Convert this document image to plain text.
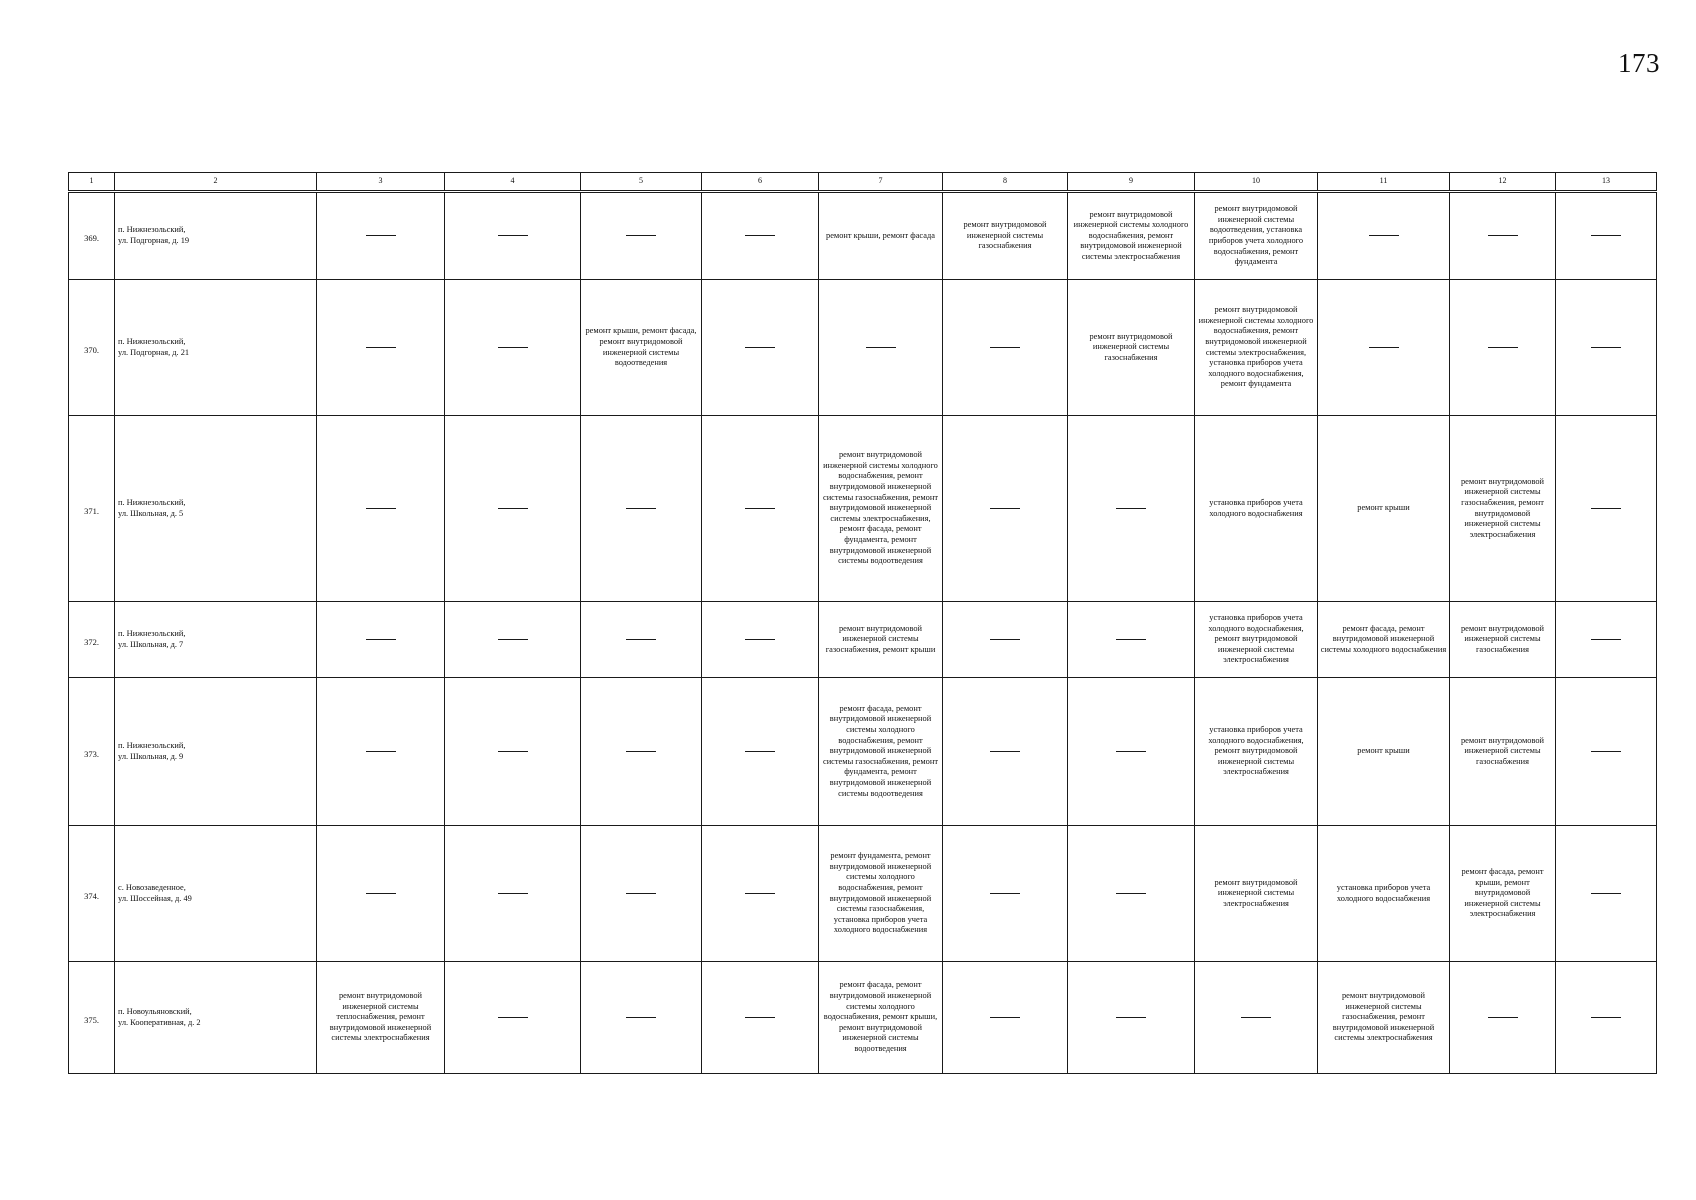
173
1	2	3	4	5	6	7	8	9	10	11	12	13
369.	п. Нижнезольский,
ул. Подгорная, д. 19					ремонт крыши, ремонт фасада	ремонт внутридомовой инженерной системы газоснабжения	ремонт внутридомовой инженерной системы холодного водоснабжения, ремонт внутридомовой инженерной системы электроснабжения	ремонт внутридомовой инженерной системы водоотведения, установка приборов учета холодного водоснабжения, ремонт фундамента			

370.	п. Нижнезольский,
ул. Подгорная, д. 21			ремонт крыши, ремонт фасада, ремонт внутридомовой инженерной системы водоотведения				ремонт внутридомовой инженерной системы газоснабжения	ремонт внутридомовой инженерной системы холодного водоснабжения, ремонт внутридомовой инженерной системы электроснабжения, установка приборов учета холодного водоснабжения, ремонт фундамента			

371.	п. Нижнезольский,
ул. Школьная, д. 5					ремонт внутридомовой инженерной системы холодного водоснабжения, ремонт внутридомовой инженерной системы газоснабжения, ремонт внутридомовой инженерной системы электроснабжения, ремонт фасада, ремонт фундамента, ремонт внутридомовой инженерной системы водоотведения			установка приборов учета холодного водоснабжения	ремонт крыши	ремонт внутридомовой инженерной системы газоснабжения, ремонт внутридомовой инженерной системы электроснабжения	

372.	п. Нижнезольский,
ул. Школьная, д. 7					ремонт внутридомовой инженерной системы газоснабжения, ремонт крыши			установка приборов учета холодного водоснабжения, ремонт внутридомовой инженерной системы электроснабжения	ремонт фасада, ремонт внутридомовой инженерной системы холодного водоснабжения	ремонт внутридомовой инженерной системы газоснабжения	

373.	п. Нижнезольский,
ул. Школьная, д. 9					ремонт фасада, ремонт внутридомовой инженерной системы холодного водоснабжения, ремонт внутридомовой инженерной системы газоснабжения, ремонт фундамента, ремонт внутридомовой инженерной системы водоотведения			установка приборов учета холодного водоснабжения, ремонт внутридомовой инженерной системы электроснабжения	ремонт крыши	ремонт внутридомовой инженерной системы газоснабжения	

374.	с. Новозаведенное,
ул. Шоссейная, д. 49					ремонт фундамента, ремонт внутридомовой инженерной системы холодного водоснабжения, ремонт внутридомовой инженерной системы газоснабжения, установка приборов учета холодного водоснабжения			ремонт внутридомовой инженерной системы электроснабжения	установка приборов учета холодного водоснабжения	ремонт фасада, ремонт крыши, ремонт внутридомовой инженерной системы электроснабжения	

375.	п. Новоульяновский,
ул. Кооперативная, д. 2	ремонт внутридомовой инженерной системы теплоснабжения, ремонт внутридомовой инженерной системы электроснабжения				ремонт фасада, ремонт внутридомовой инженерной системы холодного водоснабжения, ремонт крыши, ремонт внутридомовой инженерной системы водоотведения				ремонт внутридомовой инженерной системы газоснабжения, ремонт внутридомовой инженерной системы электроснабжения		
